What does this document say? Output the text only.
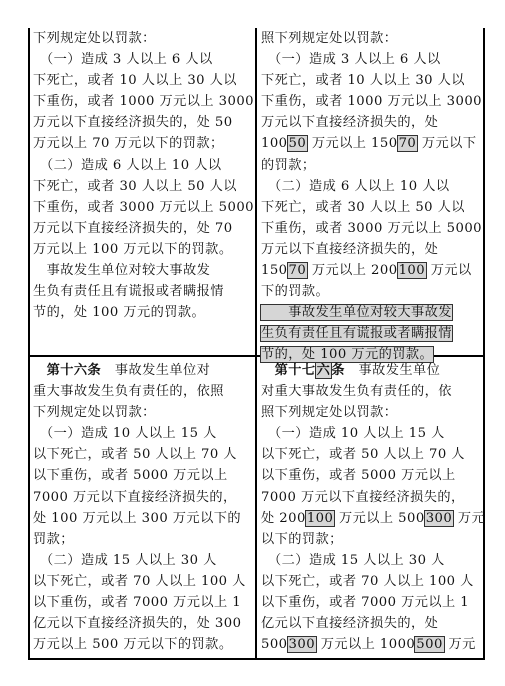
下列规定处以罚款：
　（一）造成 3 人以上 6 人以
下死亡，或者 10 人以上 30 人以
下重伤，或者 1000 万元以上 3000
万元以下直接经济损失的，处 50
万元以上 70 万元以下的罚款；
　（二）造成 6 人以上 10 人以
下死亡，或者 30 人以上 50 人以
下重伤，或者 3000 万元以上 5000
万元以下直接经济损失的，处 70
万元以上 100 万元以下的罚款。
　事故发生单位对较大事故发
生负有责任且有谎报或者瞒报情
节的，处 100 万元的罚款。
照下列规定处以罚款：
　（一）造成 3 人以上 6 人以
下死亡，或者 10 人以上 30 人以
下重伤，或者 1000 万元以上 3000
万元以下直接经济损失的，处
10050 万元以上 15070 万元以下
的罚款；
　（二）造成 6 人以上 10 人以
下死亡，或者 30 人以上 50 人以
下重伤，或者 3000 万元以上 5000
万元以下直接经济损失的，处
15070 万元以上 200100 万元以
下的罚款。
　　事故发生单位对较大事故发
生负有责任且有谎报或者瞒报情
节的，处 100 万元的罚款。
　第十六条　事故发生单位对
重大事故发生负有责任的，依照
下列规定处以罚款：
　（一）造成 10 人以上 15 人
以下死亡，或者 50 人以上 70 人
以下重伤，或者 5000 万元以上
7000 万元以下直接经济损失的，
处 100 万元以上 300 万元以下的
罚款；
　（二）造成 15 人以上 30 人
以下死亡，或者 70 人以上 100 人
以下重伤，或者 7000 万元以上 1
亿元以下直接经济损失的，处 300
万元以上 500 万元以下的罚款。
　第十七六条　事故发生单位
对重大事故发生负有责任的，依
照下列规定处以罚款：
　（一）造成 10 人以上 15 人
以下死亡，或者 50 人以上 70 人
以下重伤，或者 5000 万元以上
7000 万元以下直接经济损失的，
处 200100 万元以上 500300 万元
以下的罚款；
　（二）造成 15 人以上 30 人
以下死亡，或者 70 人以上 100 人
以下重伤，或者 7000 万元以上 1
亿元以下直接经济损失的，处
500300 万元以上 1000500 万元
